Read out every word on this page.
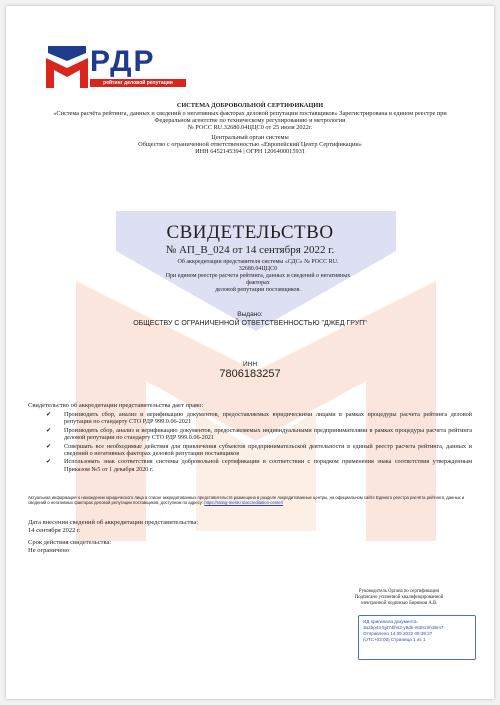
РДР
рейтинг деловой репутации
СИСТЕМА ДОБРОВОЛЬНОЙ СЕРТИФИКАЦИИ
«Система расчёта рейтинга, данных и сведений о негативных факторах деловой репутации поставщиков» Зарегистрирована в едином реестре при
Федеральном агентстве по техническому регулированию и метрологии
№ РОСС RU.32680.04ЦЦС0 от 25 июля 2022г.
Центральный орган системы
Общество с ограниченной ответственностью «Европейский Центр Сертификации»
ИНН 6452145394 | ОГРН 1206400015931
СВИДЕТЕЛЬСТВО
№ АП_B_024 от 14 сентября 2022 г.
Об аккредитации представителя системы «СДС» № РОСС RU. 32680.04ЦЦС0
При едином реестре расчета рейтинга, данных и сведений о негативных факторах
деловой репутации поставщиков.
Выдано:
ОБЩЕСТВУ С ОГРАНИЧЕННОЙ ОТВЕТСТВЕННОСТЬЮ "ДЖЕД ГРУП"
ИНН
7806183257
Свидетельство об аккредитации представительства дает право:
✔ Производить сбор, анализ и верификацию документов, предоставляемых юридическими лицами в рамках процедуры расчета рейтинга деловой репутации по стандарту СТО РДР 999.0.06-2021
✔ Производить сбор, анализ и верификацию документов, предоставляемых индивидуальными предпринимателями в рамках процедуры расчета рейтинга деловой репутации по стандарту СТО РДР 999.0.06-2021
✔ Совершать все необходимые действия для привлечения субъектов предпринимательской деятельности в единый реестр расчета рейтинга, данных и сведений о негативных факторах деловой репутации поставщиков
✔ Использовать знак соответствия системы добровольной сертификации в соответствии с порядком применения знака соответствия утвержденным Приказом №5 от 1 декабря 2020 г.
Актуальная информация о нахождении юридического лица в списке аккредитованных представительств размещена в разделе Аккредитованные центры, на официальном сайте Единого реестра расчёта рейтинга, данных и сведений о негативных факторах деловой репутации поставщиков, доступном по адресу: https://rating-reestr.ru/accreditation-center/
Дата внесения сведений об аккредитации представительства:
14 сентября 2022 г.
Срок действия свидетельства:
Не ограничено
Руководитель Органа по сертификации
Подписано усиленной квалифицированной
электронной подписью Бирюков А.В.
ИД оригинала документа:
3a2bp43 5j474lhs2-y9dk-r6381Sh36m7
Отправлено 14.09.2022 09:39:27
(UTC+03:00) Страница 1 из 1
